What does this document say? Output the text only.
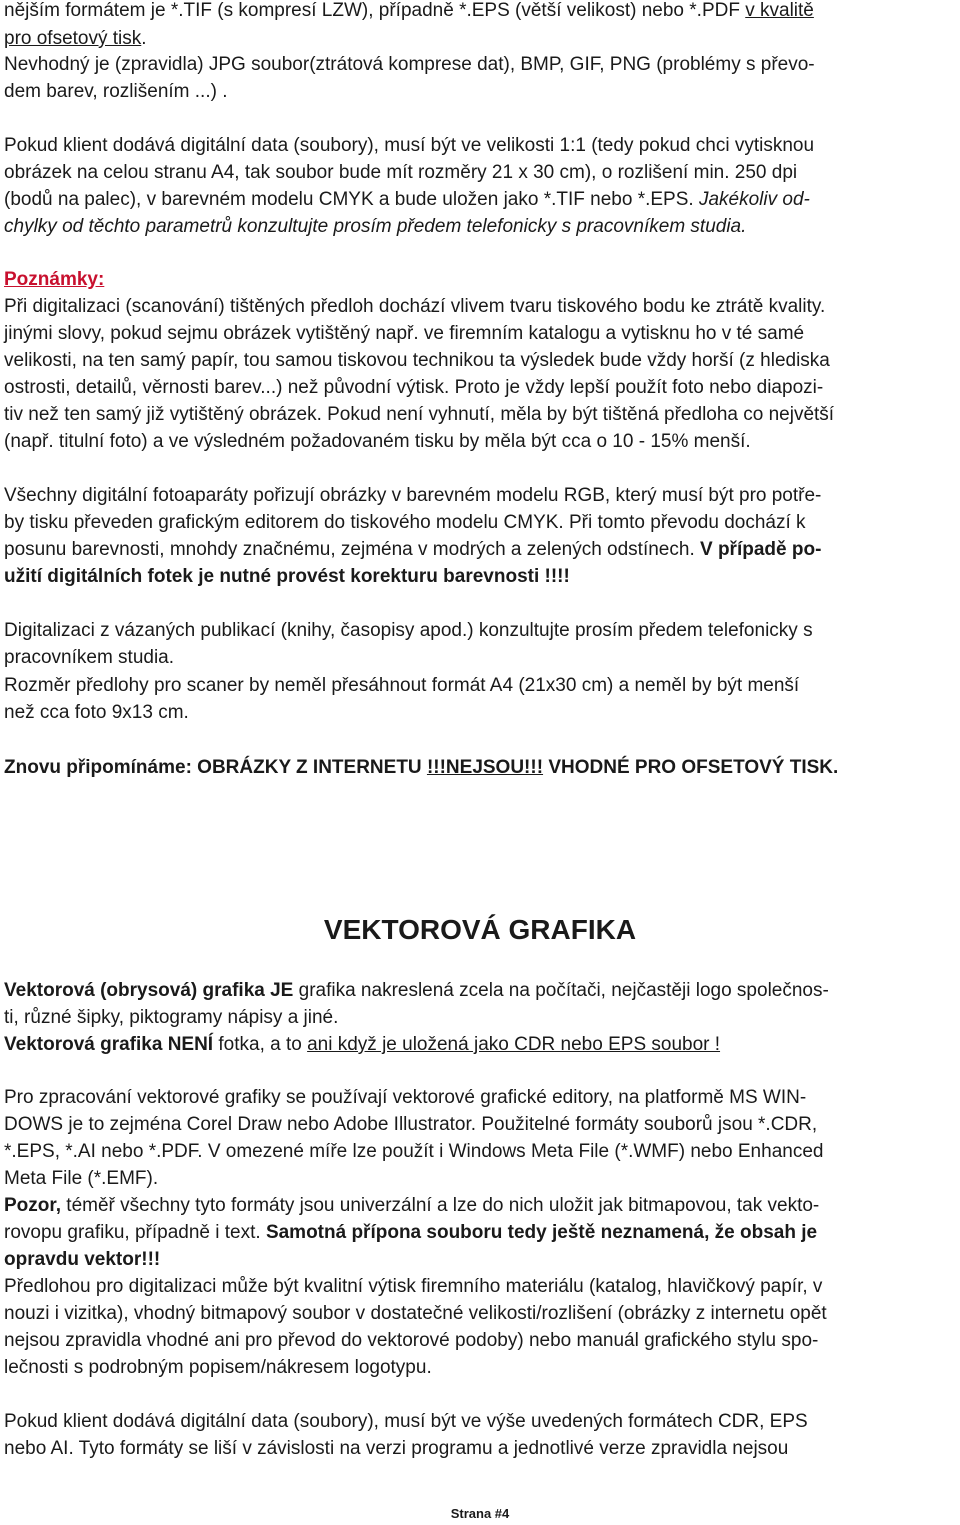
nějším formátem je *.TIF (s kompresí LZW), případně *.EPS (větší velikost) nebo *.PDF v kvalitě
pro ofsetový tisk.
Nevhodný je (zpravidla) JPG soubor(ztrátová komprese dat), BMP, GIF, PNG (problémy s převo-
dem barev, rozlišením ...) .
Pokud klient dodává digitální data (soubory), musí být ve velikosti 1:1 (tedy pokud chci vytisknou
obrázek na celou stranu A4, tak soubor bude mít rozměry 21 x 30 cm), o rozlišení min. 250 dpi
(bodů na palec), v barevném modelu CMYK a bude uložen jako *.TIF nebo *.EPS. Jakékoliv od-
chylky od těchto parametrů konzultujte prosím předem telefonicky s pracovníkem studia.
Poznámky:
Při digitalizaci (scanování) tištěných předloh dochází vlivem tvaru tiskového bodu ke ztrátě kvality.
jinými slovy, pokud sejmu obrázek vytištěný např. ve firemním katalogu a vytisknu ho v té samé
velikosti, na ten samý papír, tou samou tiskovou technikou ta výsledek bude vždy horší (z hlediska
ostrosti, detailů, věrnosti barev...) než původní výtisk. Proto je vždy lepší použít foto nebo diapozi-
tiv než ten samý již vytištěný obrázek. Pokud není vyhnutí, měla by být tištěná předloha co největší
(např. titulní foto) a ve výsledném požadovaném tisku by měla být cca o 10 - 15% menší.
Všechny digitální fotoaparáty pořizují obrázky v barevném modelu RGB, který musí být pro potře-
by tisku převeden grafickým editorem do tiskového modelu CMYK. Při tomto převodu dochází k
posunu barevnosti, mnohdy značnému, zejména v modrých a zelených odstínech. V případě po-
užití digitálních fotek je nutné provést korekturu barevnosti !!!!
Digitalizaci z vázaných publikací (knihy, časopisy apod.) konzultujte prosím předem telefonicky s
pracovníkem studia.
Rozměr předlohy pro scaner by neměl přesáhnout formát A4 (21x30 cm) a neměl by být menší
než cca foto 9x13 cm.
Znovu připomínáme: OBRÁZKY Z INTERNETU !!!NEJSOU!!! VHODNÉ PRO OFSETOVÝ TISK.
VEKTOROVÁ GRAFIKA
Vektorová (obrysová) grafika JE grafika nakreslená zcela na počítači, nejčastěji logo společnos-
ti, různé šipky, piktogramy nápisy a jiné.
Vektorová grafika NENÍ fotka, a to ani když je uložená jako CDR nebo EPS soubor !
Pro zpracování vektorové grafiky se používají vektorové grafické editory, na platformě MS WIN-
DOWS je to zejména Corel Draw nebo Adobe Illustrator. Použitelné formáty souborů jsou *.CDR,
*.EPS, *.AI nebo *.PDF. V omezené míře lze použít i Windows Meta File (*.WMF) nebo Enhanced
Meta File (*.EMF).
Pozor, téměř všechny tyto formáty jsou univerzální a lze do nich uložit jak bitmapovou, tak vekto-
rovopu grafiku, případně i text. Samotná přípona souboru tedy ještě neznamená, že obsah je
opravdu vektor!!!
Předlohou pro digitalizaci může být kvalitní výtisk firemního materiálu (katalog, hlavičkový papír, v
nouzi i vizitka), vhodný bitmapový soubor v dostatečné velikosti/rozlišení (obrázky z internetu opět
nejsou zpravidla vhodné ani pro převod do vektorové podoby) nebo manuál grafického stylu spo-
lečnosti s podrobným popisem/nákresem logotypu.
Pokud klient dodává digitální data (soubory), musí být ve výše uvedených formátech CDR, EPS
nebo AI. Tyto formáty se liší v závislosti na verzi programu a jednotlivé verze zpravidla nejsou
Strana #4
